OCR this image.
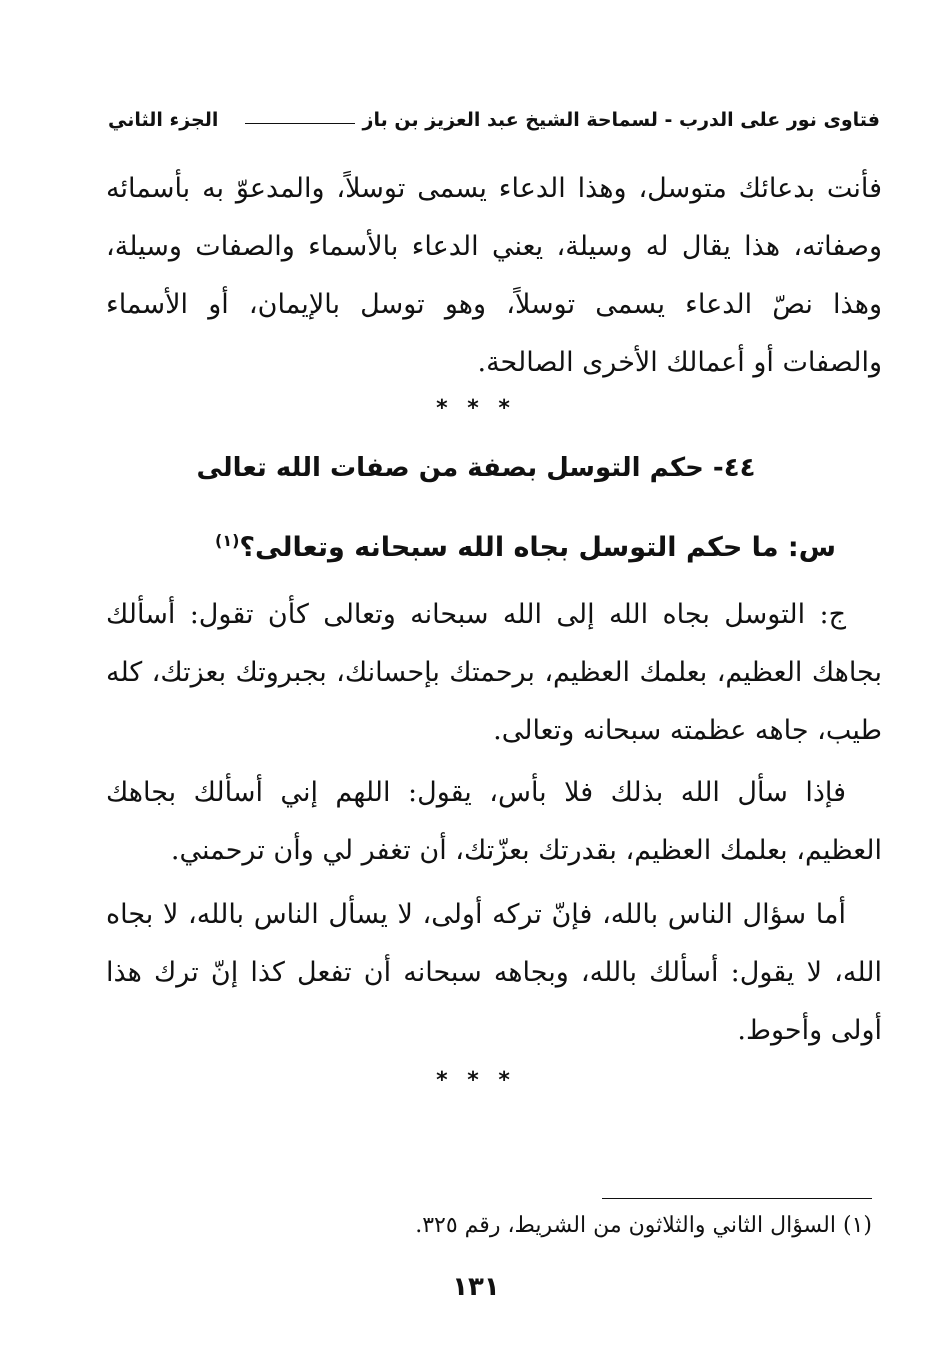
فتاوى نور على الدرب - لسماحة الشيخ عبد العزيز بن باز
الجزء الثاني
فأنت بدعائك متوسل، وهذا الدعاء يسمى توسلاً، والمدعوّ به بأسمائه وصفاته، هذا يقال له وسيلة، يعني الدعاء بالأسماء والصفات وسيلة، وهذا نصّ الدعاء يسمى توسلاً، وهو توسل بالإيمان، أو الأسماء والصفات أو أعمالك الأخرى الصالحة.
* * *
٤٤- حكم التوسل بصفة من صفات الله تعالى
س: ما حكم التوسل بجاه الله سبحانه وتعالى؟$^{(١)}$
ج: التوسل بجاه الله إلى الله سبحانه وتعالى كأن تقول: أسألك بجاهك العظيم، بعلمك العظيم، برحمتك بإحسانك، بجبروتك بعزتك، كله طيب، جاهه عظمته سبحانه وتعالى.
فإذا سأل الله بذلك فلا بأس، يقول: اللهم إني أسألك بجاهك العظيم، بعلمك العظيم، بقدرتك بعزّتك، أن تغفر لي وأن ترحمني.
أما سؤال الناس بالله، فإنّ تركه أولى، لا يسأل الناس بالله، لا بجاه الله، لا يقول: أسألك بالله، وبجاهه سبحانه أن تفعل كذا إنّ ترك هذا أولى وأحوط.
* * *
(١) السؤال الثاني والثلاثون من الشريط، رقم ٣٢٥.
١٣١
